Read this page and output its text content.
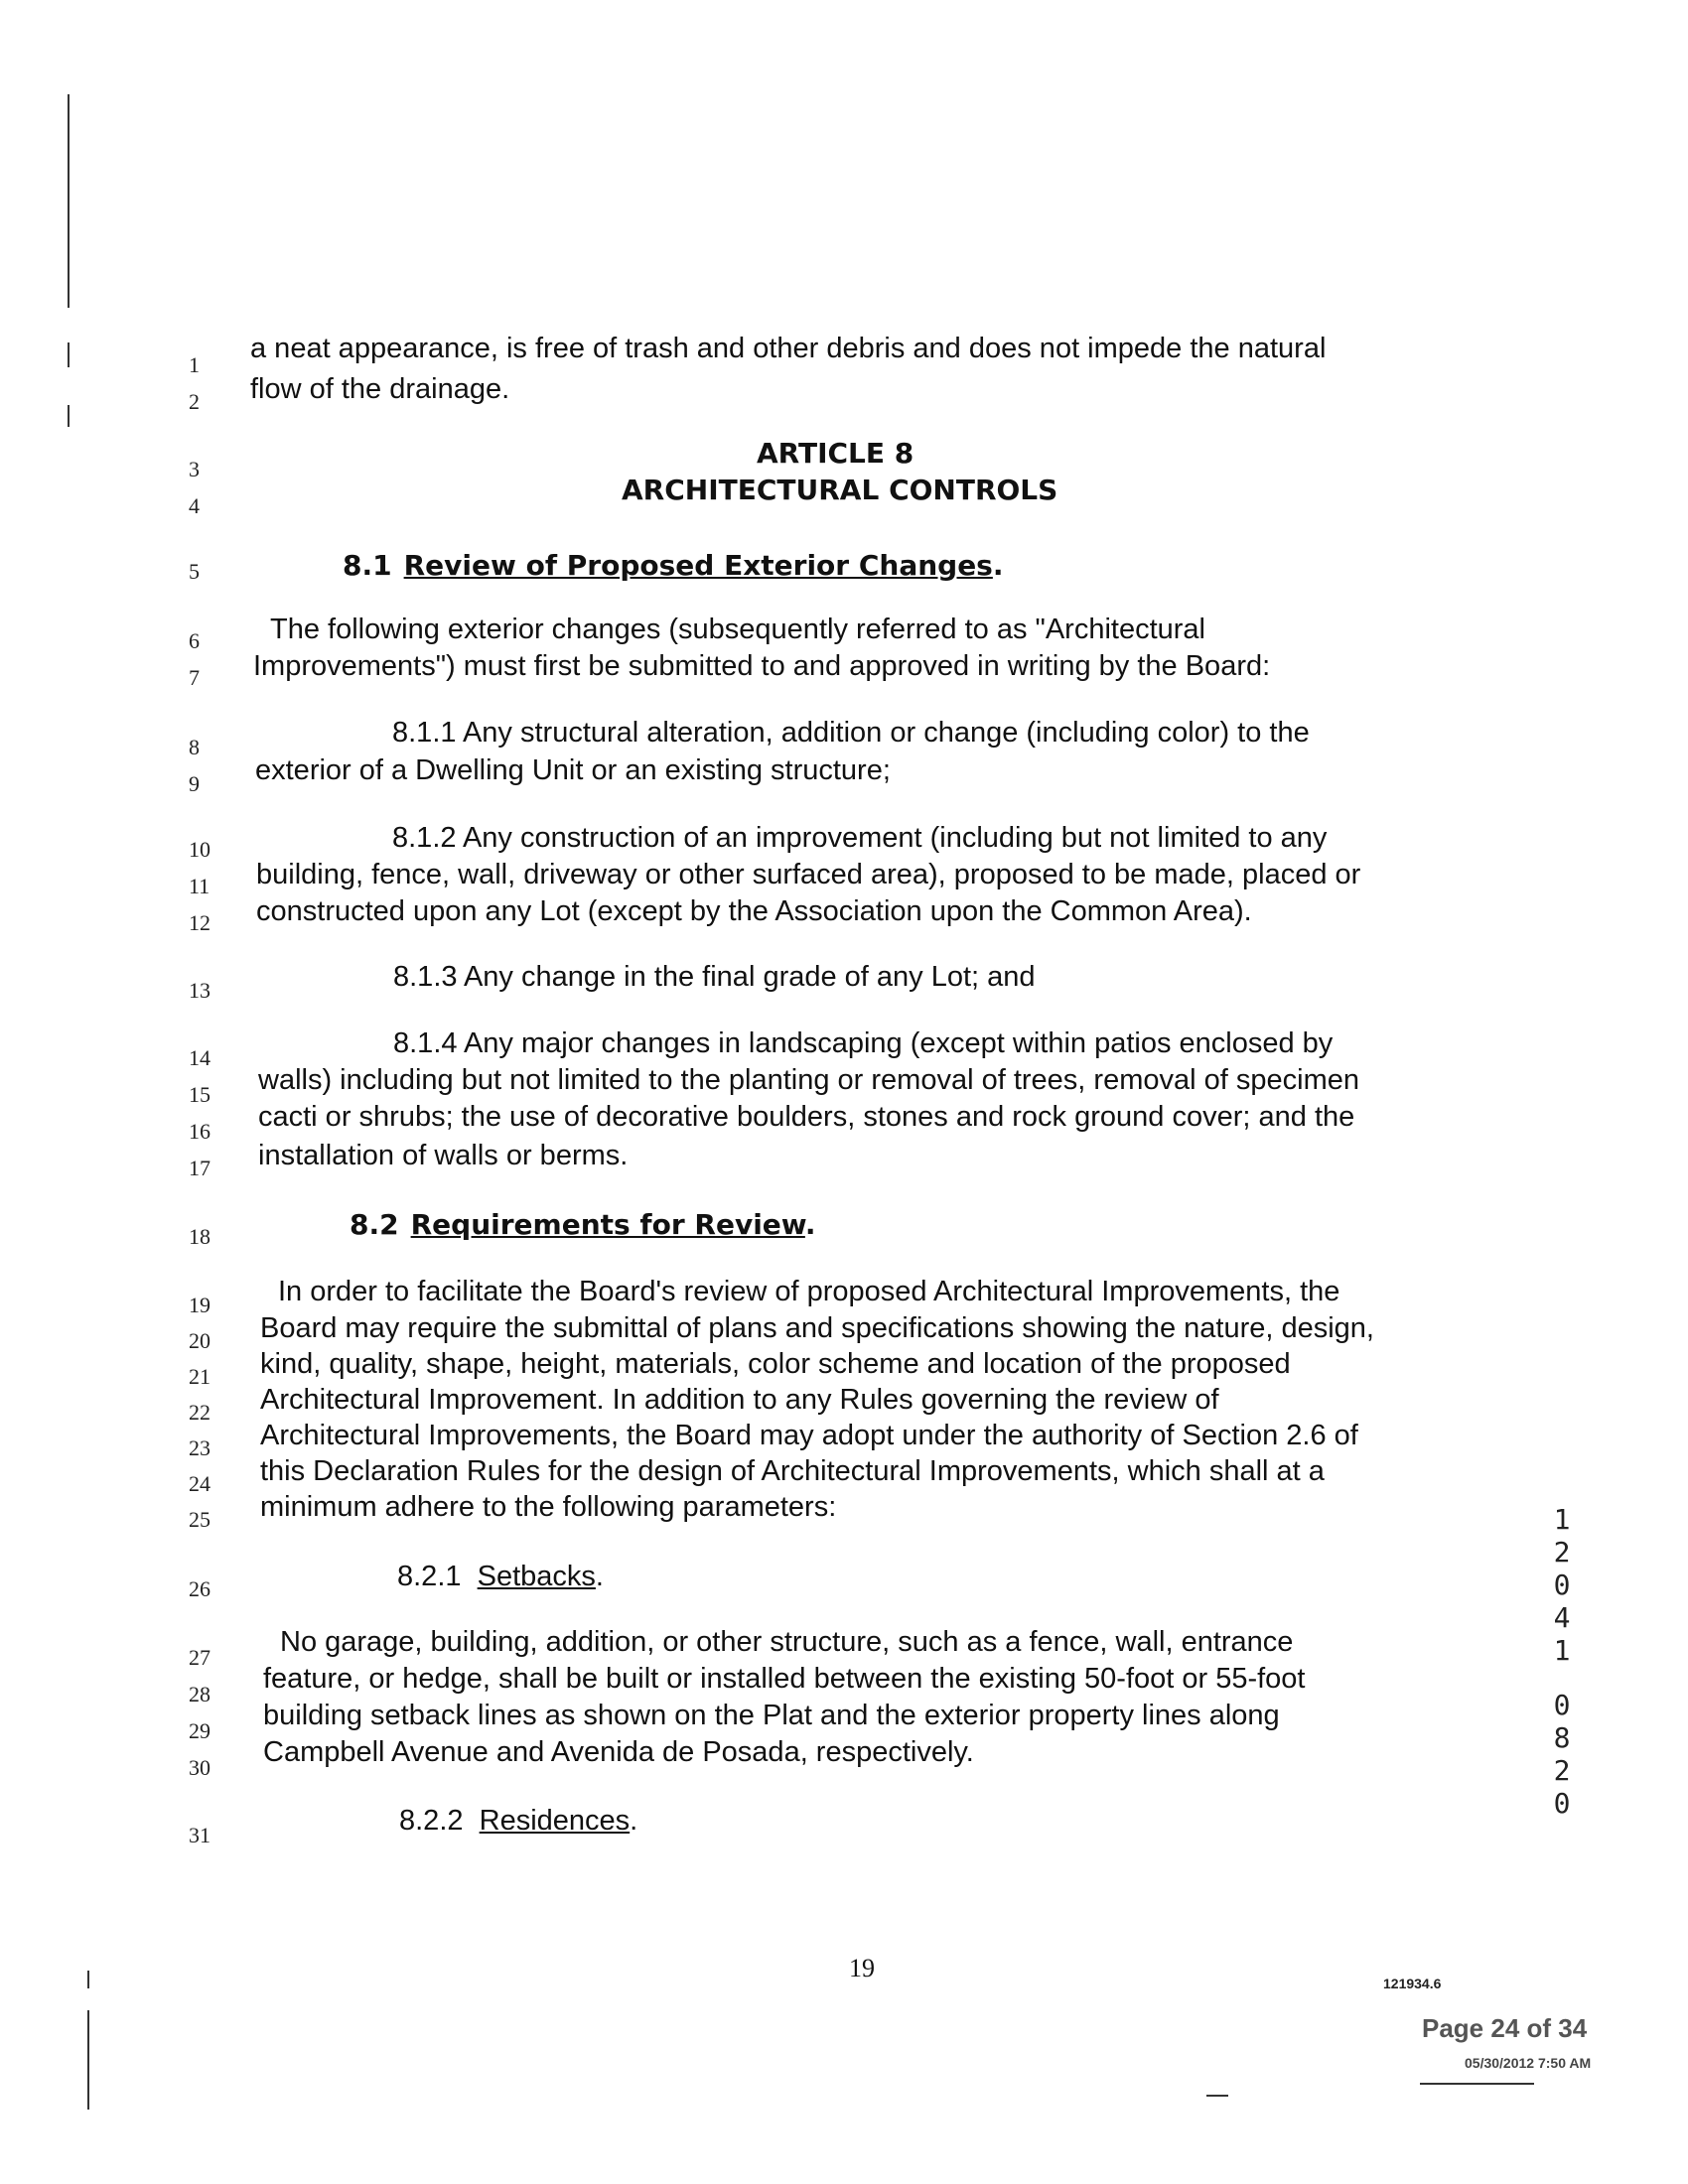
1
2
3
4
5
6
7
8
9
10
11
12
13
14
15
16
17
18
19
20
21
22
23
24
25
26
27
28
29
30
31
a neat appearance, is free of trash and other debris and does not impede the natural
flow of the drainage.
ARTICLE 8
ARCHITECTURAL CONTROLS
8.1 Review of Proposed Exterior Changes.
The following exterior changes (subsequently referred to as "Architectural
Improvements") must first be submitted to and approved in writing by the Board:
8.1.1 Any structural alteration, addition or change (including color) to the
exterior of a Dwelling Unit or an existing structure;
8.1.2 Any construction of an improvement (including but not limited to any
building, fence, wall, driveway or other surfaced area), proposed to be made, placed or
constructed upon any Lot (except by the Association upon the Common Area).
8.1.3 Any change in the final grade of any Lot; and
8.1.4 Any major changes in landscaping (except within patios enclosed by
walls) including but not limited to the planting or removal of trees, removal of specimen
cacti or shrubs; the use of decorative boulders, stones and rock ground cover; and the
installation of walls or berms.
8.2 Requirements for Review.
In order to facilitate the Board's review of proposed Architectural Improvements, the
Board may require the submittal of plans and specifications showing the nature, design,
kind, quality, shape, height, materials, color scheme and location of the proposed
Architectural Improvement. In addition to any Rules governing the review of
Architectural Improvements, the Board may adopt under the authority of Section 2.6 of
this Declaration Rules for the design of Architectural Improvements, which shall at a
minimum adhere to the following parameters:
8.2.1 Setbacks.
No garage, building, addition, or other structure, such as a fence, wall, entrance
feature, or hedge, shall be built or installed between the existing 50-foot or 55-foot
building setback lines as shown on the Plat and the exterior property lines along
Campbell Avenue and Avenida de Posada, respectively.
8.2.2 Residences.
1
2
0
4
1
0
8
2
0
19
121934.6
Page 24 of 34
05/30/2012 7:50 AM
